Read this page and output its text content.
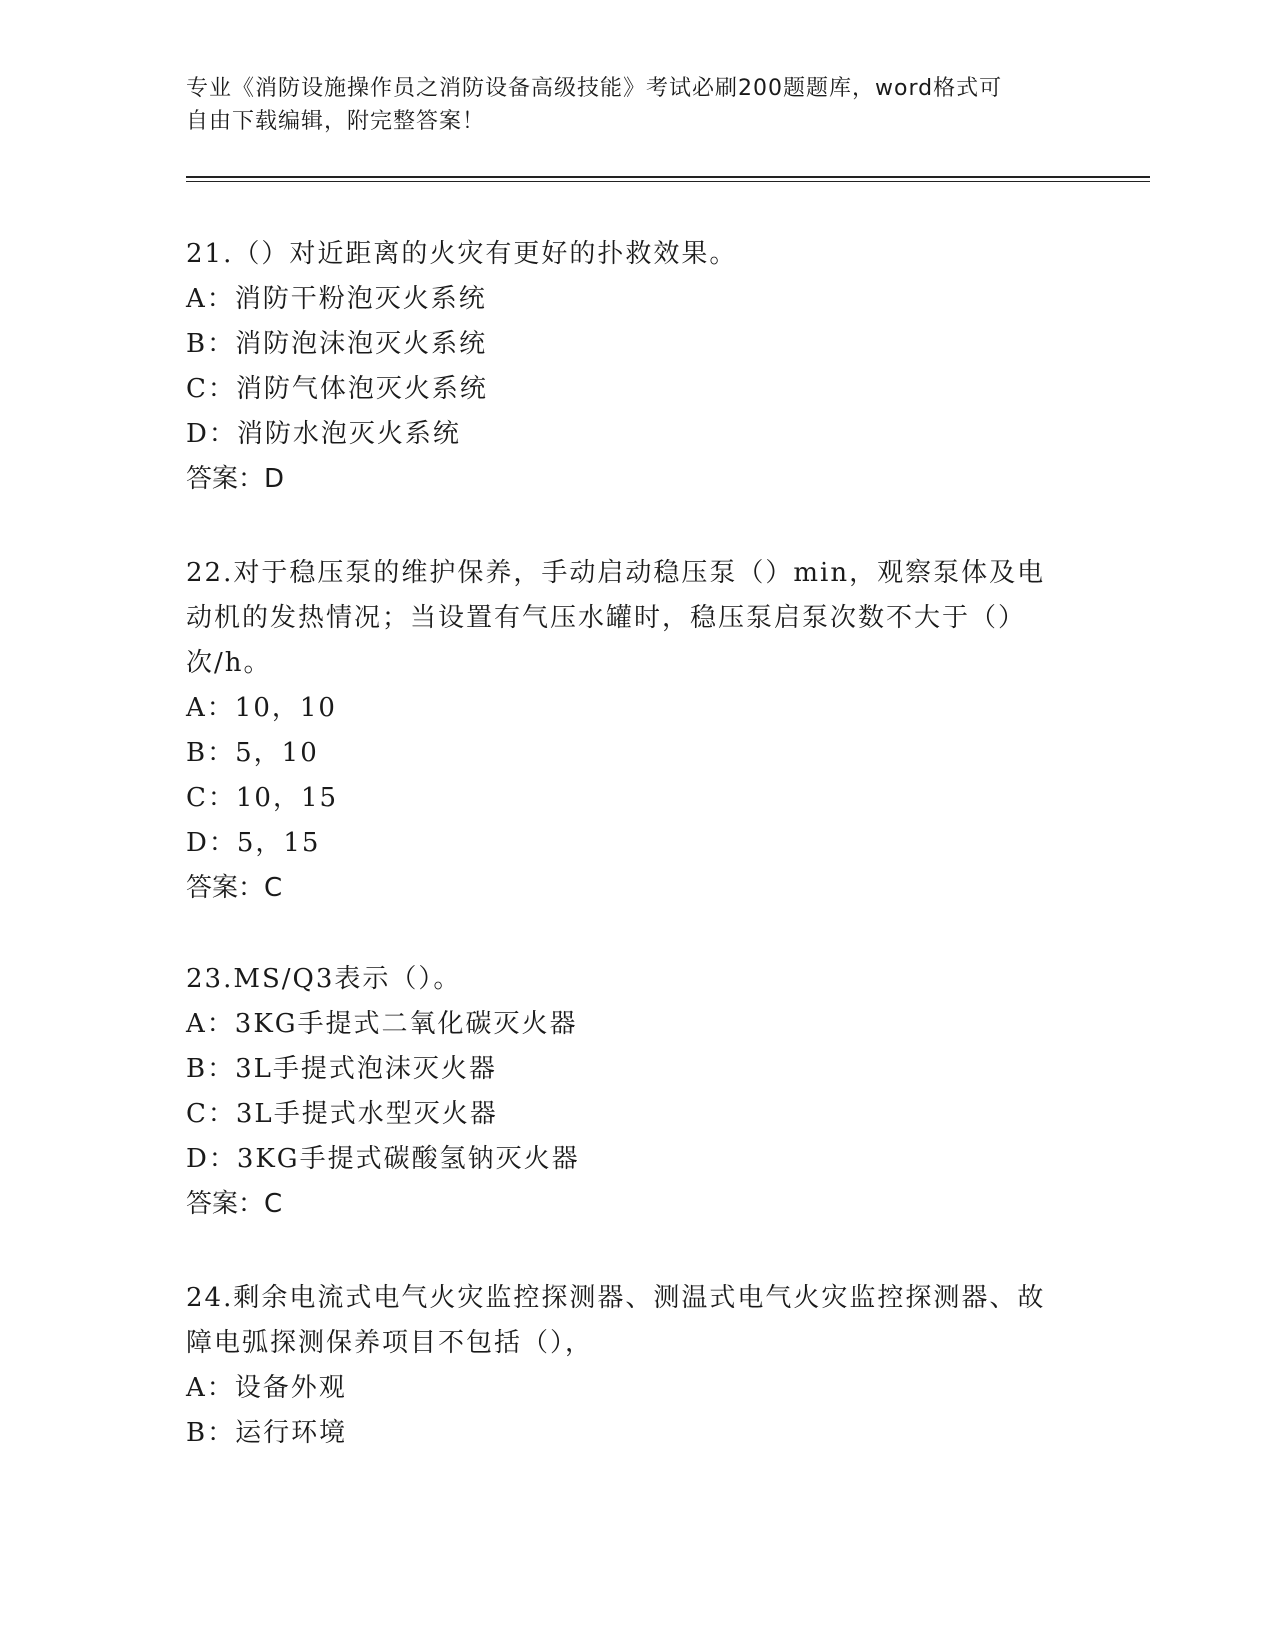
专业《消防设施操作员之消防设备高级技能》考试必刷200题题库，word格式可
自由下载编辑，附完整答案！

21.（）对近距离的火灾有更好的扑救效果。

A：消防干粉泡灭火系统

B：消防泡沫泡灭火系统

C：消防气体泡灭火系统

D：消防水泡灭火系统

答案：D

22.对于稳压泵的维护保养，手动启动稳压泵（）min，观察泵体及电

动机的发热情况；当设置有气压水罐时，稳压泵启泵次数不大于（）

次/h。

A：10，10

B：5，10

C：10，15

D：5，15

答案：C

23.MS/Q3表示（）。

A：3KG手提式二氧化碳灭火器

B：3L手提式泡沫灭火器

C：3L手提式水型灭火器

D：3KG手提式碳酸氢钠灭火器

答案：C

24.剩余电流式电气火灾监控探测器、测温式电气火灾监控探测器、故

障电弧探测保养项目不包括（），

A：设备外观

B：运行环境
